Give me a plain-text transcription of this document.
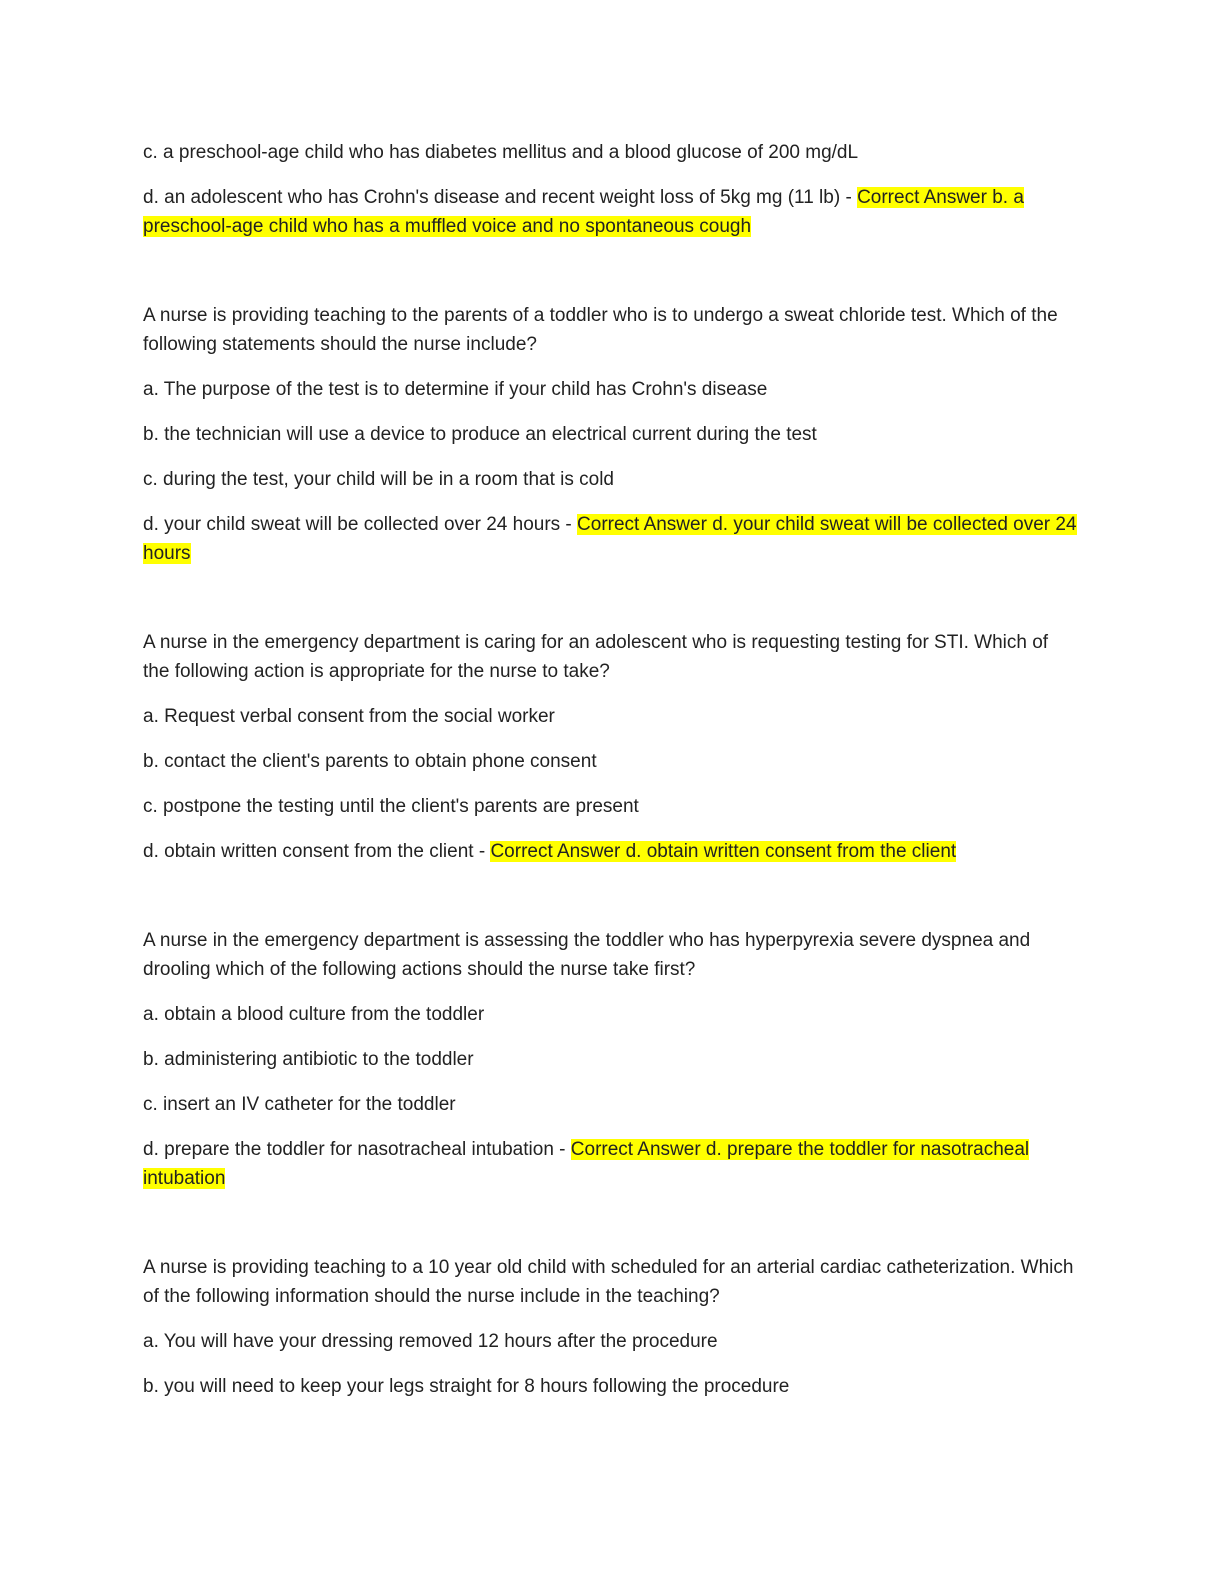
c. a preschool-age child who has diabetes mellitus and a blood glucose of 200 mg/dL

d. an adolescent who has Crohn's disease and recent weight loss of 5kg mg (11 lb) - Correct Answer b. a preschool-age child who has a muffled voice and no spontaneous cough

A nurse is providing teaching to the parents of a toddler who is to undergo a sweat chloride test. Which of the following statements should the nurse include?

a. The purpose of the test is to determine if your child has Crohn's disease

b. the technician will use a device to produce an electrical current during the test

c. during the test, your child will be in a room that is cold

d. your child sweat will be collected over 24 hours - Correct Answer d. your child sweat will be collected over 24 hours

A nurse in the emergency department is caring for an adolescent who is requesting testing for STI. Which of the following action is appropriate for the nurse to take?

a. Request verbal consent from the social worker

b. contact the client's parents to obtain phone consent

c. postpone the testing until the client's parents are present

d. obtain written consent from the client - Correct Answer d. obtain written consent from the client

A nurse in the emergency department is assessing the toddler who has hyperpyrexia severe dyspnea and drooling which of the following actions should the nurse take first?

a. obtain a blood culture from the toddler

b. administering antibiotic to the toddler

c. insert an IV catheter for the toddler

d. prepare the toddler for nasotracheal intubation - Correct Answer d. prepare the toddler for nasotracheal intubation

A nurse is providing teaching to a 10 year old child with scheduled for an arterial cardiac catheterization. Which of the following information should the nurse include in the teaching?

a. You will have your dressing removed 12 hours after the procedure

b. you will need to keep your legs straight for 8 hours following the procedure
